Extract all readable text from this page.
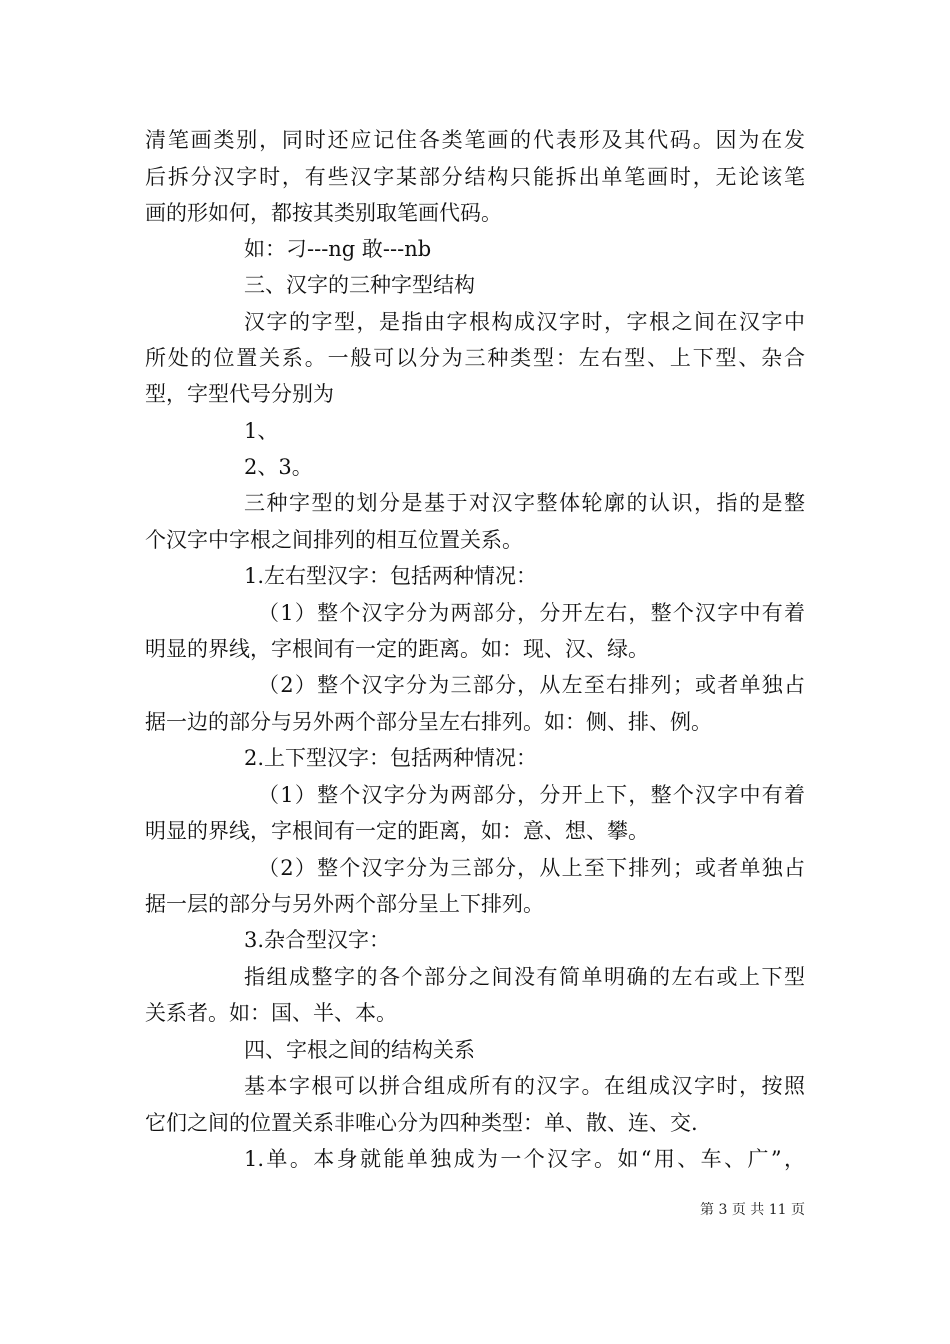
清笔画类别，同时还应记住各类笔画的代表形及其代码。因为在发
后拆分汉字时，有些汉字某部分结构只能拆出单笔画时，无论该笔
画的形如何，都按其类别取笔画代码。
如：刁---ng 敢---nb
三、汉字的三种字型结构
汉字的字型，是指由字根构成汉字时，字根之间在汉字中
所处的位置关系。一般可以分为三种类型：左右型、上下型、杂合
型，字型代号分别为
1、
2、3。
三种字型的划分是基于对汉字整体轮廓的认识，指的是整
个汉字中字根之间排列的相互位置关系。
1.左右型汉字：包括两种情况：
（1）整个汉字分为两部分，分开左右，整个汉字中有着
明显的界线，字根间有一定的距离。如：现、汉、绿。
（2）整个汉字分为三部分，从左至右排列；或者单独占
据一边的部分与另外两个部分呈左右排列。如：侧、排、例。
2.上下型汉字：包括两种情况：
（1）整个汉字分为两部分，分开上下，整个汉字中有着
明显的界线，字根间有一定的距离，如：意、想、攀。
（2）整个汉字分为三部分，从上至下排列；或者单独占
据一层的部分与另外两个部分呈上下排列。
3.杂合型汉字：
指组成整字的各个部分之间没有简单明确的左右或上下型
关系者。如：国、半、本。
四、字根之间的结构关系
基本字根可以拼合组成所有的汉字。在组成汉字时，按照
它们之间的位置关系非唯心分为四种类型：单、散、连、交.
1.单。本身就能单独成为一个汉字。如“用、车、广”，
第 3 页 共 11 页
